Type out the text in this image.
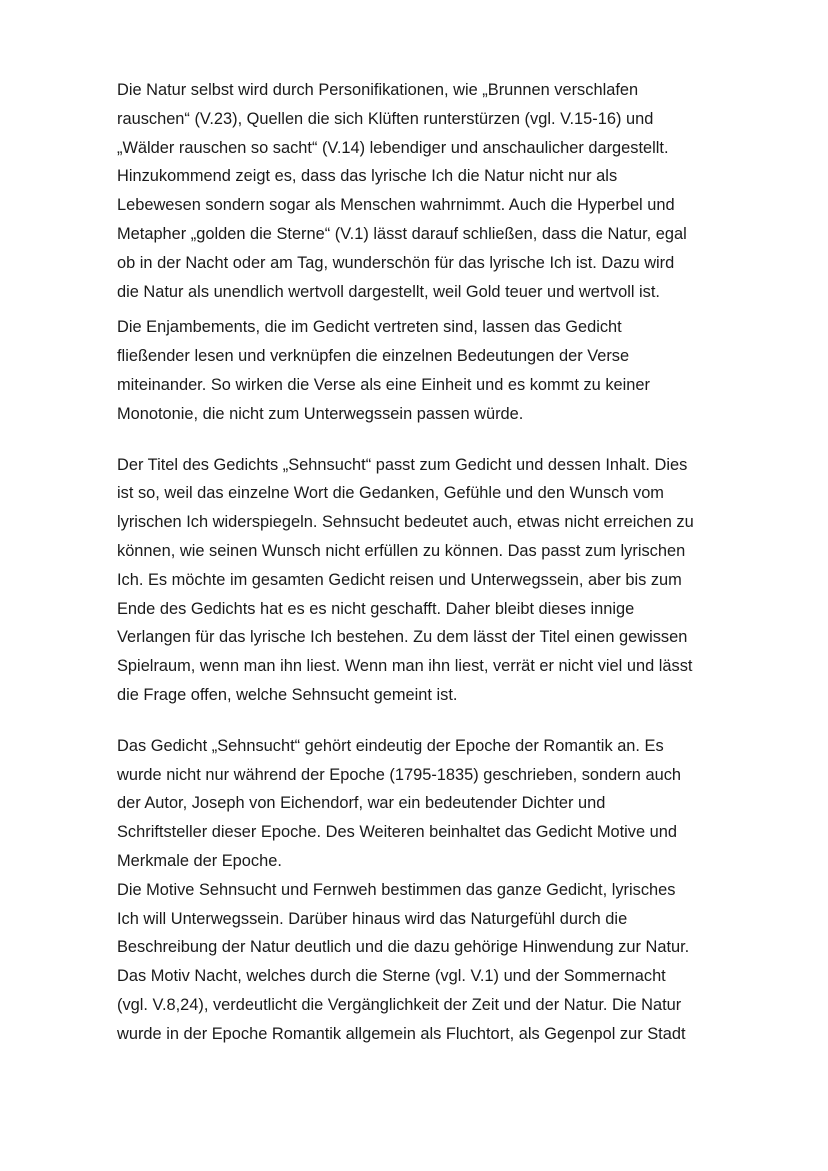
Die Natur selbst wird durch Personifikationen, wie „Brunnen verschlafen
rauschen“ (V.23), Quellen die sich Klüften runterstürzen (vgl. V.15-16) und
„Wälder rauschen so sacht“ (V.14) lebendiger und anschaulicher dargestellt.
Hinzukommend zeigt es, dass das lyrische Ich die Natur nicht nur als
Lebewesen sondern sogar als Menschen wahrnimmt. Auch die Hyperbel und
Metapher „golden die Sterne“ (V.1) lässt darauf schließen, dass die Natur, egal
ob in der Nacht oder am Tag, wunderschön für das lyrische Ich ist. Dazu wird
die Natur als unendlich wertvoll dargestellt, weil Gold teuer und wertvoll ist.

Die Enjambements, die im Gedicht vertreten sind, lassen das Gedicht
fließender lesen und verknüpfen die einzelnen Bedeutungen der Verse
miteinander. So wirken die Verse als eine Einheit und es kommt zu keiner
Monotonie, die nicht zum Unterwegssein passen würde.

Der Titel des Gedichts „Sehnsucht“ passt zum Gedicht und dessen Inhalt. Dies
ist so, weil das einzelne Wort die Gedanken, Gefühle und den Wunsch vom
lyrischen Ich widerspiegeln. Sehnsucht bedeutet auch, etwas nicht erreichen zu
können, wie seinen Wunsch nicht erfüllen zu können. Das passt zum lyrischen
Ich. Es möchte im gesamten Gedicht reisen und Unterwegssein, aber bis zum
Ende des Gedichts hat es es nicht geschafft. Daher bleibt dieses innige
Verlangen für das lyrische Ich bestehen. Zu dem lässt der Titel einen gewissen
Spielraum, wenn man ihn liest. Wenn man ihn liest, verrät er nicht viel und lässt
die Frage offen, welche Sehnsucht gemeint ist.

Das Gedicht „Sehnsucht“ gehört eindeutig der Epoche der Romantik an. Es
wurde nicht nur während der Epoche (1795-1835) geschrieben, sondern auch
der Autor, Joseph von Eichendorf, war ein bedeutender Dichter und
Schriftsteller dieser Epoche. Des Weiteren beinhaltet das Gedicht Motive und
Merkmale der Epoche.

Die Motive Sehnsucht und Fernweh bestimmen das ganze Gedicht, lyrisches
Ich will Unterwegssein. Darüber hinaus wird das Naturgefühl durch die
Beschreibung der Natur deutlich und die dazu gehörige Hinwendung zur Natur.
Das Motiv Nacht, welches durch die Sterne (vgl. V.1) und der Sommernacht
(vgl. V.8,24), verdeutlicht die Vergänglichkeit der Zeit und der Natur. Die Natur
wurde in der Epoche Romantik allgemein als Fluchtort, als Gegenpol zur Stadt
